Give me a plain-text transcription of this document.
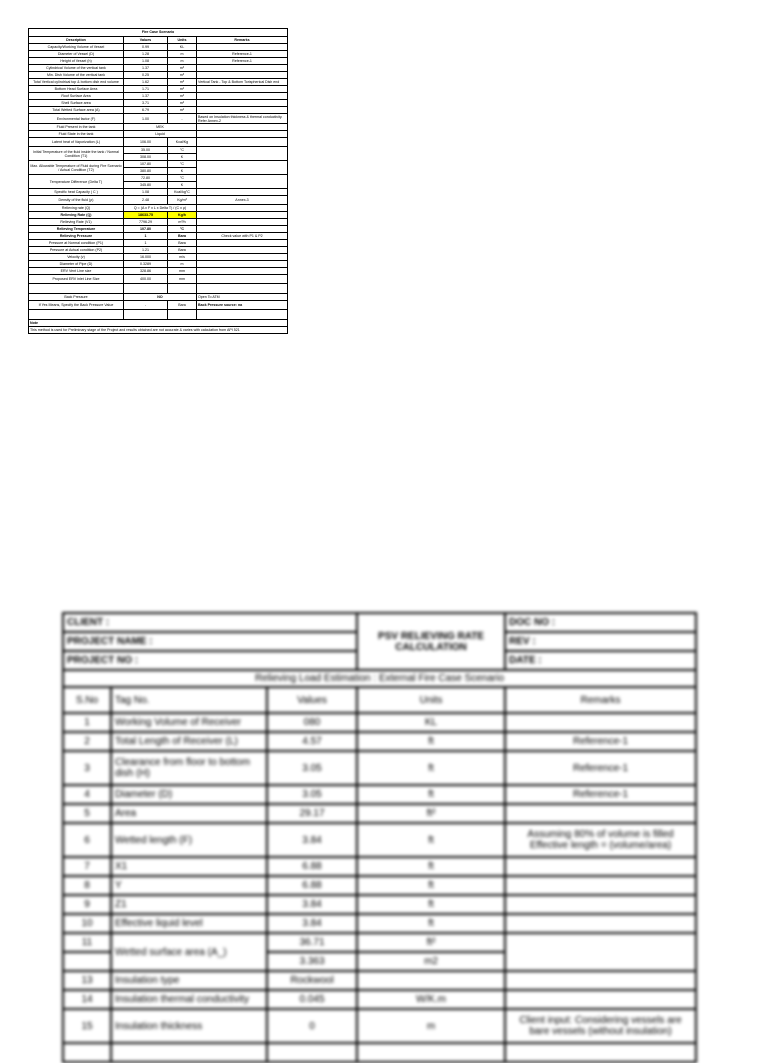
Fire Case Scenario			
Description	Values	Units	Remarks
Capacity/Working Volume of Vessel	0.99	KL	
Diameter of Vessel (D)	1.28	m	Reference-1
Height of Vessel (h)	1.08	m	Reference-1
Cylindrical Volume of the vertical tank	1.37	m³	
Min. Dish Volume of the vertical tank	0.25	m³	
Total Vertical cylindrical top & bottom dish end volume	1.62	m³	Vertical Tank - Top & Bottom Torispherical Dish end
Bottom Head Surface Area	1.71	m²	
Roof Surface Area	1.37	m²	
Shell Surface area	3.71	m²	
Total Wetted Surface area (A)	6.79	m²	
Environmental factor (F)	1.00	-	Based on Insulation thickness & thermal conductivity. Refer Annex-2
Fluid Present in the tank	MEK		
Fluid State in the tank	Liquid		
Latent heat of Vaporization (L)	106.00	Kcal/Kg	
Initial Temperature of the fluid inside the tank / Normal Condition (T1)	35.00	°C	
	308.00	K	
Max. Allowable Temperature of Fluid during Fire Scenario / Actual Condition (T2)	107.80	°C	
	380.80	K	
Temperature Difference (Delta T)	72.80	°C	
	345.80	K	
Specific heat Capacity ( C )	1.08	Kcal/kg°C	
Density of the fluid (ρ)	2.48	Kg/m³	Annex-3
Relieving rate (Q)	Q = (A x F x L x Delta T) / (C x ρ)		
Relieving Rate (Q)	18633.75	Kg/h	
Relieving Rate (V1)	7796.29	m³/h	
Relieving Temperature	107.80	°C	
Relieving Pressure	1	Bara	Check value with P1 & P2
Pressure at Normal condition (P1)	1	Bara	
Pressure at Actual condition (P2)	1.21	Bara	
Velocity (v)	16.000	m/s	
Diameter of Pipe (D)	0.3289	m	
ERV Vent Line size	328.86	mm	
Proposed ERV inlet Line Size	400.00	mm	

Back Pressure	NO		Open To ATM
If Yes Means, Specify the Back Pressure Value	-	Bara	Back Pressure source: na

Note			
This method is used for Preliminary stage of the Project and results obtained are not accurate & varies with calculation from API 521			
CLIENT :			PSV RELIEVING RATE CALCULATION	DOC NO :
PROJECT NAME :				REV :
PROJECT NO :				DATE :
Relieving Load Estimation : External Fire Case Scenario				
S.No	Tag No.	Values	Units	Remarks
1	Working Volume of Receiver	080	KL	
2	Total Length of Receiver (L)	4.57	ft	Reference-1
3	Clearance from floor to bottom dish (H)	3.05	ft	Reference-1
4	Diameter (D)	3.05	ft	Reference-1
5	Area	29.17	ft²	
6	Wetted length (F)	3.84	ft	Assuming 80% of volume is filled Effective length = (volume/area)
7	X1	6.88	ft	
8	Y	6.88	ft	
9	Z1	3.84	ft	
10	Effective liquid level	3.84	ft	
11	Wetted surface area (A_)	36.71	ft²	
		3.363	m2	
13	Insulation type	Rockwool		
14	Insulation thermal conductivity	0.045	W/K.m	
15	Insulation thickness	0	m	Client input: Considering vessels are bare vessels (without insulation)
